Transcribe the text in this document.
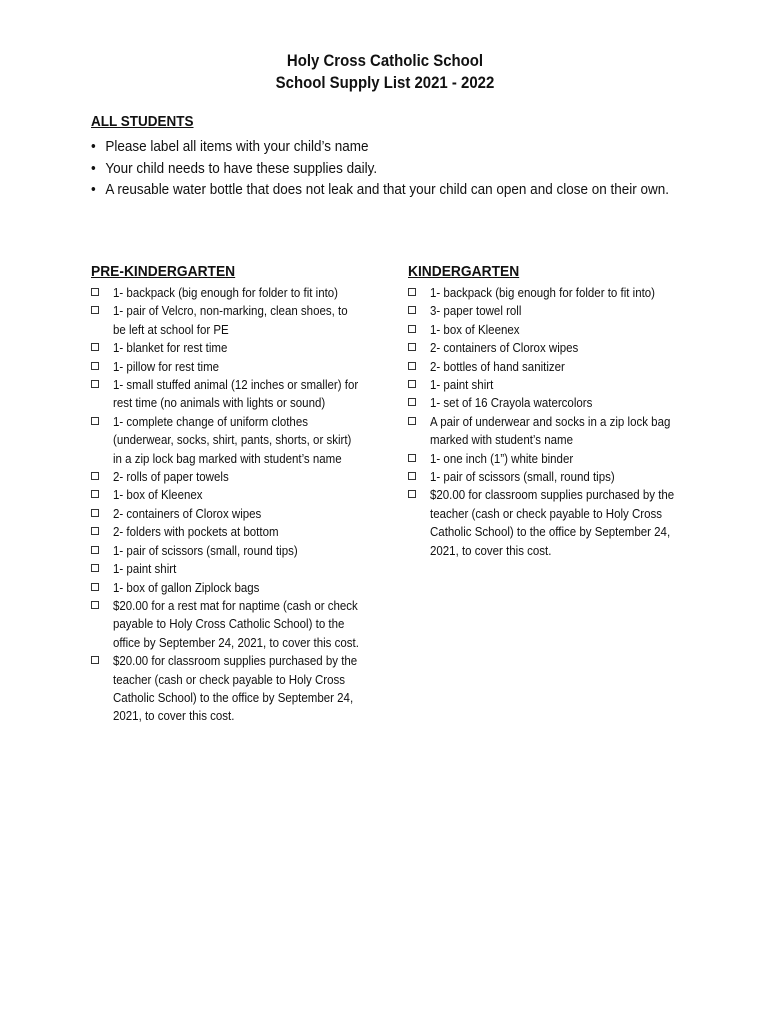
Holy Cross Catholic School
School Supply List 2021 - 2022
ALL STUDENTS
• Please label all items with your child’s name
• Your child needs to have these supplies daily.
• A reusable water bottle that does not leak and that your child can open and close on their own.
PRE-KINDERGARTEN
1- backpack (big enough for folder to fit into)
1- pair of Velcro, non-marking, clean shoes, to be left at school for PE
1- blanket for rest time
1- pillow for rest time
1- small stuffed animal (12 inches or smaller) for rest time (no animals with lights or sound)
1- complete change of uniform clothes (underwear, socks, shirt, pants, shorts, or skirt) in a zip lock bag marked with student’s name
2- rolls of paper towels
1- box of Kleenex
2- containers of Clorox wipes
2- folders with pockets at bottom
1- pair of scissors (small, round tips)
1- paint shirt
1- box of gallon Ziplock bags
$20.00 for a rest mat for naptime (cash or check payable to Holy Cross Catholic School) to the office by September 24, 2021, to cover this cost.
$20.00 for classroom supplies purchased by the teacher (cash or check payable to Holy Cross Catholic School) to the office by September 24, 2021, to cover this cost.
KINDERGARTEN
1- backpack (big enough for folder to fit into)
3- paper towel roll
1- box of Kleenex
2- containers of Clorox wipes
2- bottles of hand sanitizer
1- paint shirt
1- set of 16 Crayola watercolors
A pair of underwear and socks in a zip lock bag marked with student’s name
1- one inch (1”) white binder
1- pair of scissors (small, round tips)
$20.00 for classroom supplies purchased by the teacher (cash or check payable to Holy Cross Catholic School) to the office by September 24, 2021, to cover this cost.
